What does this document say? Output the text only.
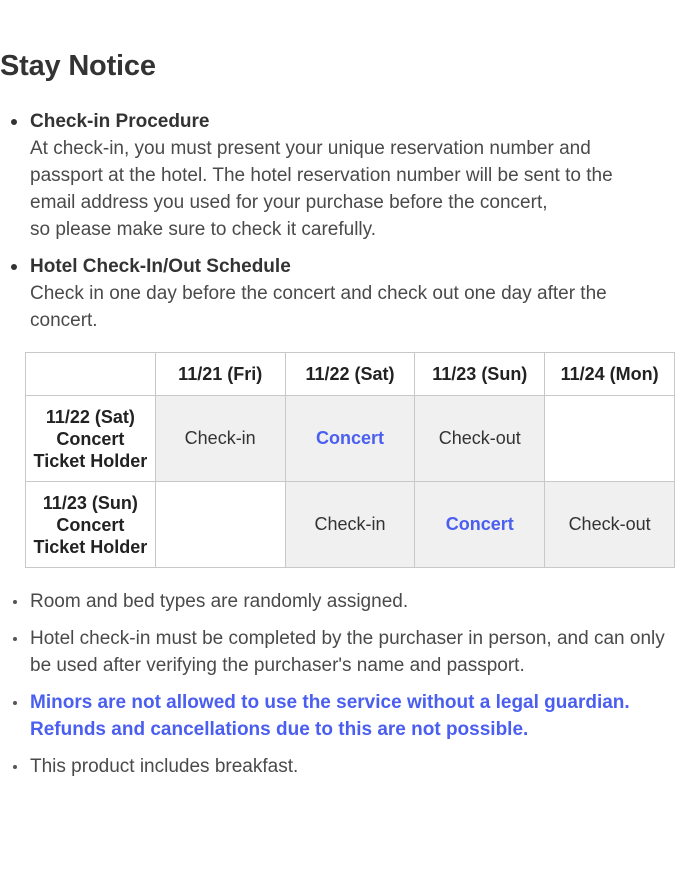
Stay Notice
Check-in Procedure
At check-in, you must present your unique reservation number and
passport at the hotel. The hotel reservation number will be sent to the
email address you used for your purchase before the concert,
so please make sure to check it carefully.
Hotel Check-In/Out Schedule
Check in one day before the concert and check out one day after the
concert.
	11/21 (Fri)	11/22 (Sat)	11/23 (Sun)	11/24 (Mon)

11/22 (Sat)
Concert
Ticket Holder	Check-in	Concert	Check-out	

11/23 (Sun)
Concert
Ticket Holder		Check-in	Concert	Check-out
Room and bed types are randomly assigned.
Hotel check-in must be completed by the purchaser in person, and can only
be used after verifying the purchaser's name and passport.
Minors are not allowed to use the service without a legal guardian.
Refunds and cancellations due to this are not possible.
This product includes breakfast.
